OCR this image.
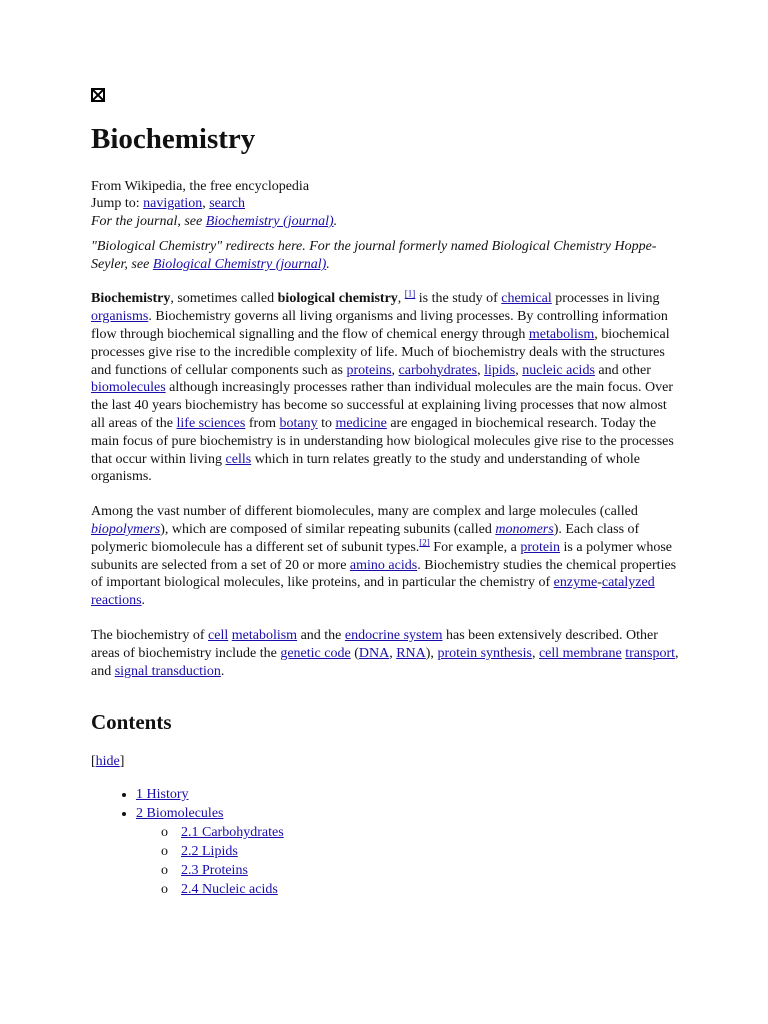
Biochemistry
From Wikipedia, the free encyclopedia
Jump to: navigation, search
For the journal, see Biochemistry (journal).
"Biological Chemistry" redirects here. For the journal formerly named Biological Chemistry Hoppe-Seyler, see Biological Chemistry (journal).

Biochemistry, sometimes called biological chemistry, [1] is the study of chemical processes in living organisms. Biochemistry governs all living organisms and living processes. By controlling information flow through biochemical signalling and the flow of chemical energy through metabolism, biochemical processes give rise to the incredible complexity of life. Much of biochemistry deals with the structures and functions of cellular components such as proteins, carbohydrates, lipids, nucleic acids and other biomolecules although increasingly processes rather than individual molecules are the main focus. Over the last 40 years biochemistry has become so successful at explaining living processes that now almost all areas of the life sciences from botany to medicine are engaged in biochemical research. Today the main focus of pure biochemistry is in understanding how biological molecules give rise to the processes that occur within living cells which in turn relates greatly to the study and understanding of whole organisms.

Among the vast number of different biomolecules, many are complex and large molecules (called biopolymers), which are composed of similar repeating subunits (called monomers). Each class of polymeric biomolecule has a different set of subunit types.[2] For example, a protein is a polymer whose subunits are selected from a set of 20 or more amino acids. Biochemistry studies the chemical properties of important biological molecules, like proteins, and in particular the chemistry of enzyme-catalyzed reactions.

The biochemistry of cell metabolism and the endocrine system has been extensively described. Other areas of biochemistry include the genetic code (DNA, RNA), protein synthesis, cell membrane transport, and signal transduction.

Contents
[hide]
• 1 History
• 2 Biomolecules
o 2.1 Carbohydrates
o 2.2 Lipids
o 2.3 Proteins
o 2.4 Nucleic acids
